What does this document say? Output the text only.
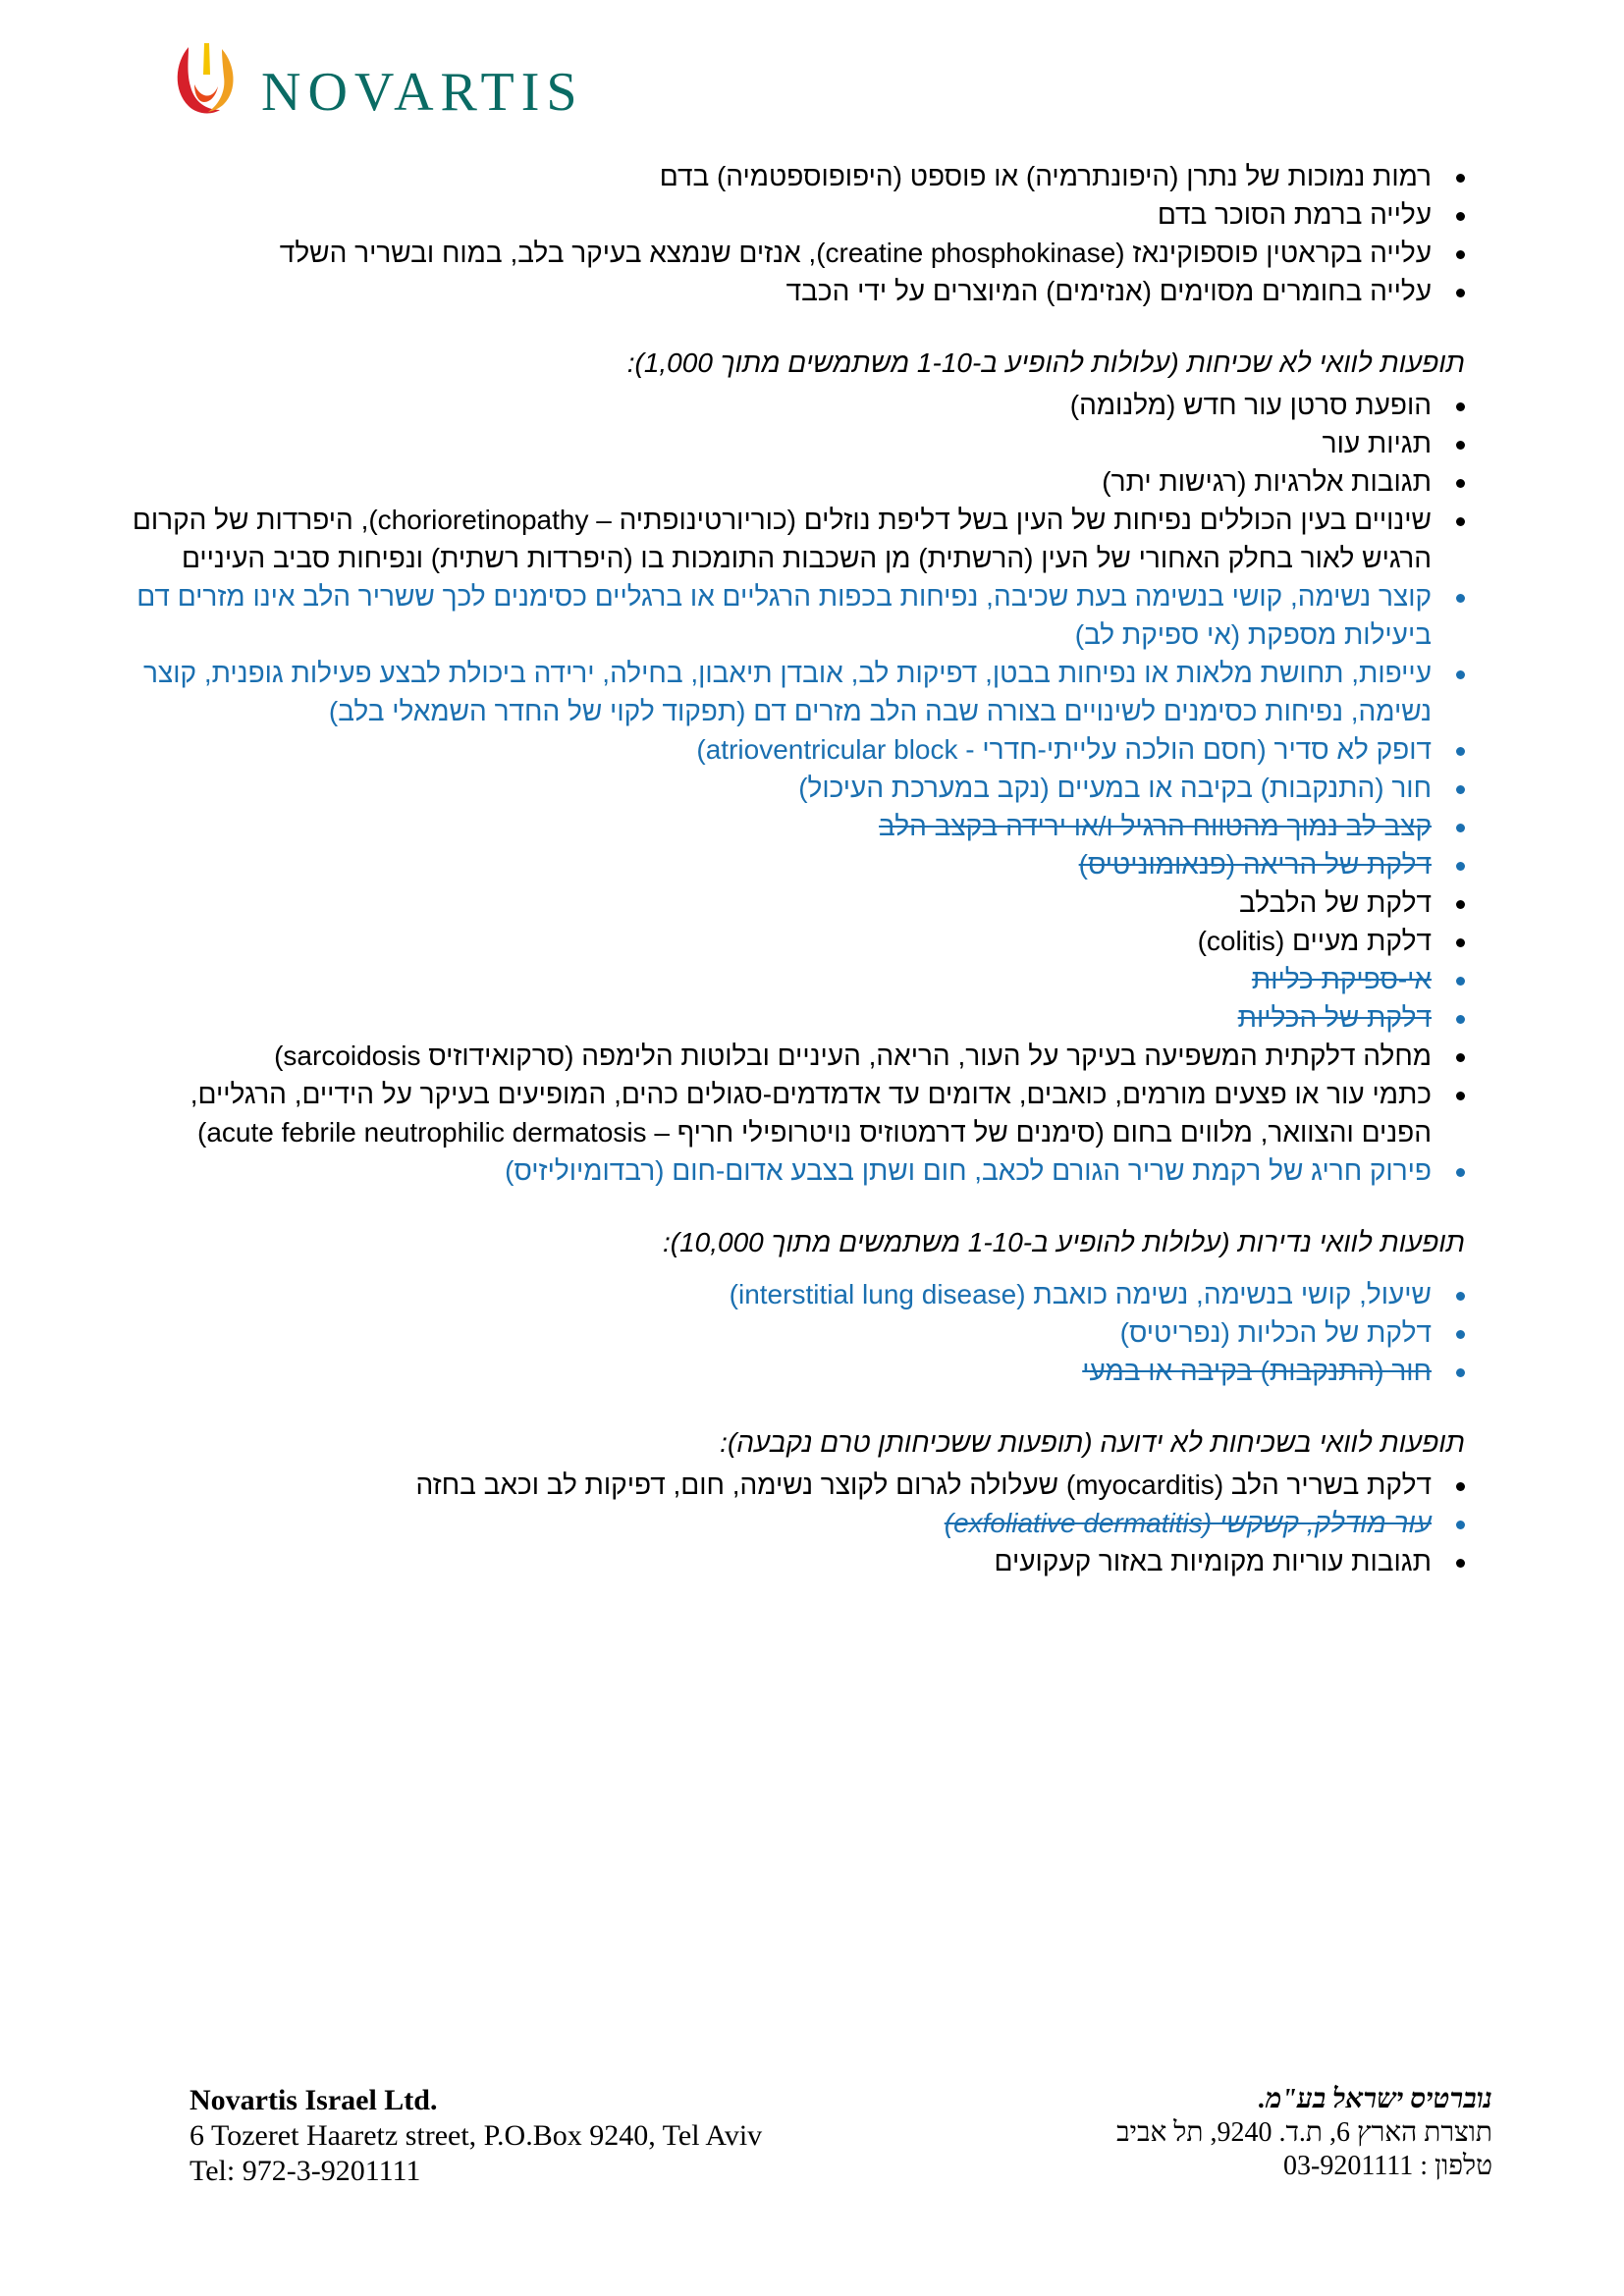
NOVARTIS
רמות נמוכות של נתרן (היפונתרמיה) או פוספט (היפופוספטמיה) בדם
עלייה ברמת הסוכר בדם
עלייה בקראטין פוספוקינאז (creatine phosphokinase), אנזים שנמצא בעיקר בלב, במוח ובשריר השלד
עלייה בחומרים מסוימים (אנזימים) המיוצרים על ידי הכבד
תופעות לוואי לא שכיחות (עלולות להופיע ב-1-10 משתמשים מתוך 1,000):
הופעת סרטן עור חדש (מלנומה)
תגיות עור
תגובות אלרגיות (רגישות יתר)
שינויים בעין הכוללים נפיחות של העין בשל דליפת נוזלים (כוריורטינופתיה – chorioretinopathy), היפרדות של הקרום הרגיש לאור בחלק האחורי של העין (הרשתית) מן השכבות התומכות בו (היפרדות רשתית) ונפיחות סביב העיניים
קוצר נשימה, קושי בנשימה בעת שכיבה, נפיחות בכפות הרגליים או ברגליים כסימנים לכך ששריר הלב אינו מזרים דם ביעילות מספקת (אי ספיקת לב)
עייפות, תחושת מלאות או נפיחות בבטן, דפיקות לב, אובדן תיאבון, בחילה, ירידה ביכולת לבצע פעילות גופנית, קוצר נשימה, נפיחות כסימנים לשינויים בצורה שבה הלב מזרים דם (תפקוד לקוי של החדר השמאלי בלב)
דופק לא סדיר (חסם הולכה עלייתי-חדרי - atrioventricular block)
חור (התנקבות) בקיבה או במעיים (נקב במערכת העיכול)
קצב לב נמוך מהטווח הרגיל ו/או ירידה בקצב הלב
דלקת של הריאה (פנאומוניטיס)
דלקת של הלבלב
דלקת מעיים (colitis)
אי-ספיקת כליות
דלקת של הכליות
מחלה דלקתית המשפיעה בעיקר על העור, הריאה, העיניים ובלוטות הלימפה (סרקואידוזיס sarcoidosis)
כתמי עור או פצעים מורמים, כואבים, אדומים עד אדמדמים-סגולים כהים, המופיעים בעיקר על הידיים, הרגליים, הפנים והצוואר, מלווים בחום (סימנים של דרמטוזיס נויטרופילי חריף – acute febrile neutrophilic dermatosis)
פירוק חריג של רקמת שריר הגורם לכאב, חום ושתן בצבע אדום-חום (רבדומיוליזיס)
תופעות לוואי נדירות (עלולות להופיע ב-1-10 משתמשים מתוך 10,000):
שיעול, קושי בנשימה, נשימה כואבת (interstitial lung disease)
דלקת של הכליות (נפריטיס)
חור (התנקבות) בקיבה או במעי
תופעות לוואי בשכיחות לא ידועה (תופעות ששכיחותן טרם נקבעה):
דלקת בשריר הלב (myocarditis) שעלולה לגרום לקוצר נשימה, חום, דפיקות לב וכאב בחזה
עור מודלק, קשקשי (exfoliative dermatitis)
תגובות עוריות מקומיות באזור קעקועים
Novartis Israel Ltd.
6 Tozeret Haaretz street, P.O.Box 9240, Tel Aviv
Tel: 972-3-9201111
נוברטיס ישראל בע"מ.
תוצרת הארץ 6, ת.ד. 9240, תל אביב
טלפון : 03-9201111
